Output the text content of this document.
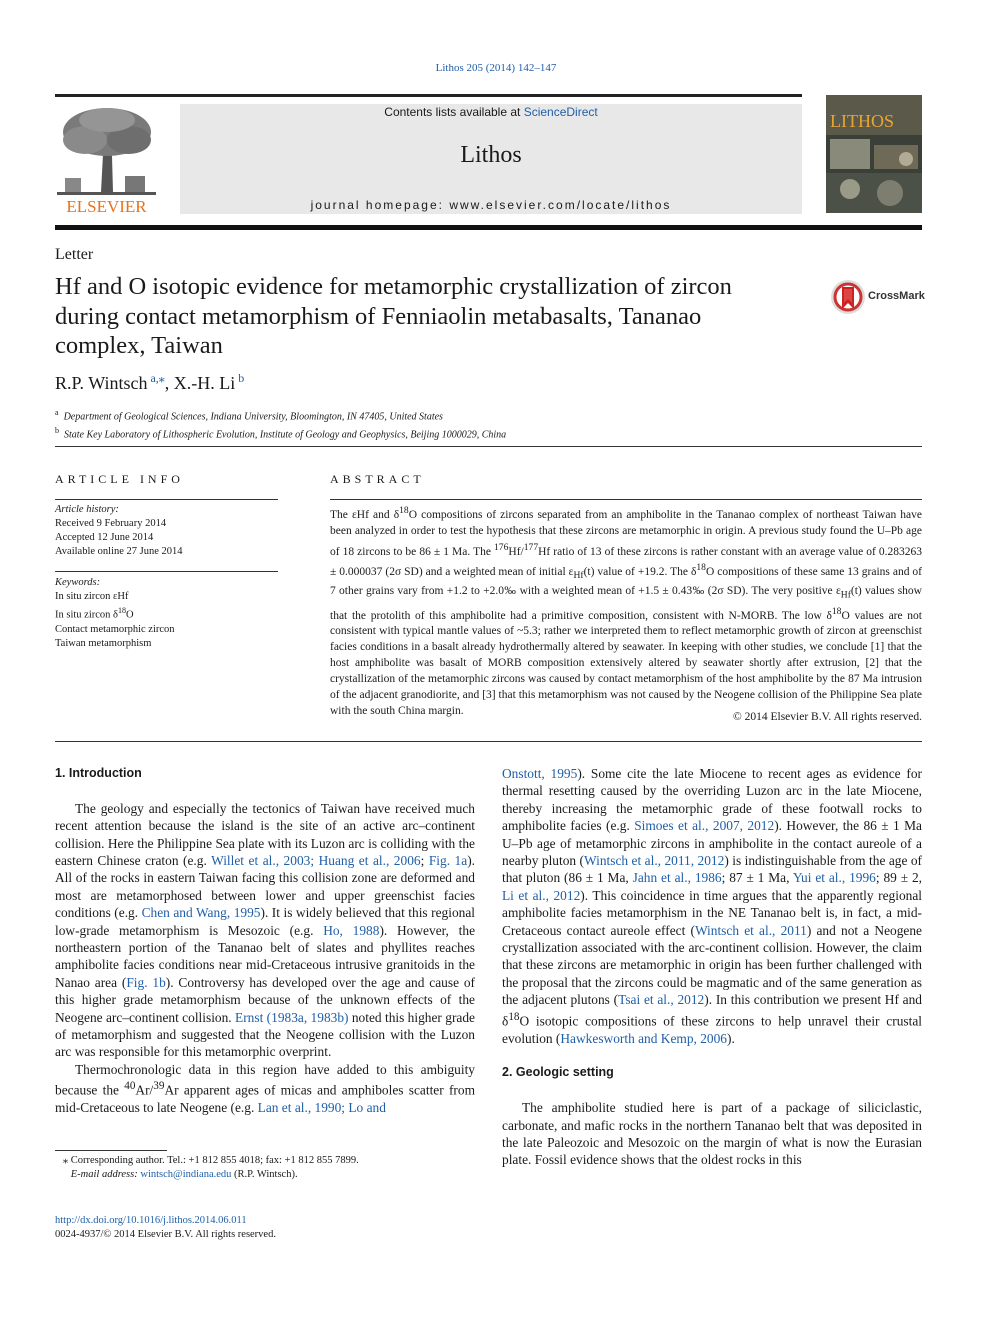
Lithos 205 (2014) 142–147
ELSEVIER
Contents lists available at ScienceDirect
Lithos
journal homepage: www.elsevier.com/locate/lithos
LITHOS
Letter
Hf and O isotopic evidence for metamorphic crystallization of zircon during contact metamorphism of Fenniaolin metabasalts, Tananao complex, Taiwan
CrossMark
R.P. Wintsch $^{a,⁎}$, X.-H. Li $^b$
$^a$ Department of Geological Sciences, Indiana University, Bloomington, IN 47405, United States
$^b$ State Key Laboratory of Lithospheric Evolution, Institute of Geology and Geophysics, Beijing 1000029, China
ARTICLE INFO	ABSTRACT
Article history:
Received 9 February 2014
Accepted 12 June 2014
Available online 27 June 2014
Keywords:
In situ zircon εHf
In situ zircon $\delta^{18}O$
Contact metamorphic zircon
Taiwan metamorphism
The εHf and $\delta^{18}O$ compositions of zircons separated from an amphibolite in the Tananao complex of northeast Taiwan have been analyzed in order to test the hypothesis that these zircons are metamorphic in origin. A previous study found the U–Pb age of 18 zircons to be 86 ± 1 Ma. The $^{176}$Hf/$^{177}$Hf ratio of 13 of these zircons is rather constant with an average value of 0.283263 ± 0.000037 (2σ SD) and a weighted mean of initial $\varepsilon_{Hf}(t)$ value of +19.2. The $\delta^{18}O$ compositions of these same 13 grains and of 7 other grains vary from +1.2 to +2.0‰ with a weighted mean of +1.5 ± 0.43‰ (2σ SD). The very positive $\varepsilon_{Hf}(t)$ values show that the protolith of this amphibolite had a primitive composition, consistent with N-MORB. The low $\delta^{18}O$ values are not consistent with typical mantle values of ~5.3; rather we interpreted them to reflect metamorphic growth of zircon at greenschist facies conditions in a basalt already hydrothermally altered by seawater. In keeping with other studies, we conclude [1] that the host amphibolite was basalt of MORB composition extensively altered by seawater shortly after extrusion, [2] that the crystallization of the metamorphic zircons was caused by contact metamorphism of the host amphibolite by the 87 Ma intrusion of the adjacent granodiorite, and [3] that this metamorphism was not caused by the Neogene collision of the Philippine Sea plate with the south China margin.
© 2014 Elsevier B.V. All rights reserved.
1. Introduction

The geology and especially the tectonics of Taiwan have received much recent attention because the island is the site of an active arc–continent collision. Here the Philippine Sea plate with its Luzon arc is colliding with the eastern Chinese craton (e.g. Willet et al., 2003; Huang et al., 2006; Fig. 1a). All of the rocks in eastern Taiwan facing this collision zone are deformed and most are metamorphosed between lower and upper greenschist facies conditions (e.g. Chen and Wang, 1995). It is widely believed that this regional low-grade metamorphism is Mesozoic (e.g. Ho, 1988). However, the northeastern portion of the Tananao belt of slates and phyllites reaches amphibolite facies conditions near mid-Cretaceous intrusive granitoids in the Nanao area (Fig. 1b). Controversy has developed over the age and cause of this higher grade metamorphism because of the unknown effects of the Neogene arc–continent collision. Ernst (1983a, 1983b) noted this higher grade of metamorphism and suggested that the Neogene collision with the Luzon arc was responsible for this metamorphic overprint.

Thermochronologic data in this region have added to this ambiguity because the $^{40}$Ar/$^{39}$Ar apparent ages of micas and amphiboles scatter from mid-Cretaceous to late Neogene (e.g. Lan et al., 1990; Lo and

Onstott, 1995). Some cite the late Miocene to recent ages as evidence for thermal resetting caused by the overriding Luzon arc in the late Miocene, thereby increasing the metamorphic grade of these footwall rocks to amphibolite facies (e.g. Simoes et al., 2007, 2012). However, the 86 ± 1 Ma U–Pb age of metamorphic zircons in amphibolite in the contact aureole of a nearby pluton (Wintsch et al., 2011, 2012) is indistinguishable from the age of that pluton (86 ± 1 Ma, Jahn et al., 1986; 87 ± 1 Ma, Yui et al., 1996; 89 ± 2, Li et al., 2012). This coincidence in time argues that the apparently regional amphibolite facies metamorphism in the NE Tananao belt is, in fact, a mid-Cretaceous contact aureole effect (Wintsch et al., 2011) and not a Neogene crystallization associated with the arc-continent collision. However, the claim that these zircons are metamorphic in origin has been further challenged with the proposal that the zircons could be magmatic and of the same generation as the adjacent plutons (Tsai et al., 2012). In this contribution we present Hf and $\delta^{18}O$ isotopic compositions of these zircons to help unravel their crustal evolution (Hawkesworth and Kemp, 2006).

2. Geologic setting

The amphibolite studied here is part of a package of siliciclastic, carbonate, and mafic rocks in the northern Tananao belt that was deposited in the late Paleozoic and Mesozoic on the margin of what is now the Eurasian plate. Fossil evidence shows that the oldest rocks in this

⁎ Corresponding author. Tel.: +1 812 855 4018; fax: +1 812 855 7899.
E-mail address: wintsch@indiana.edu (R.P. Wintsch).
http://dx.doi.org/10.1016/j.lithos.2014.06.011
0024-4937/© 2014 Elsevier B.V. All rights reserved.
